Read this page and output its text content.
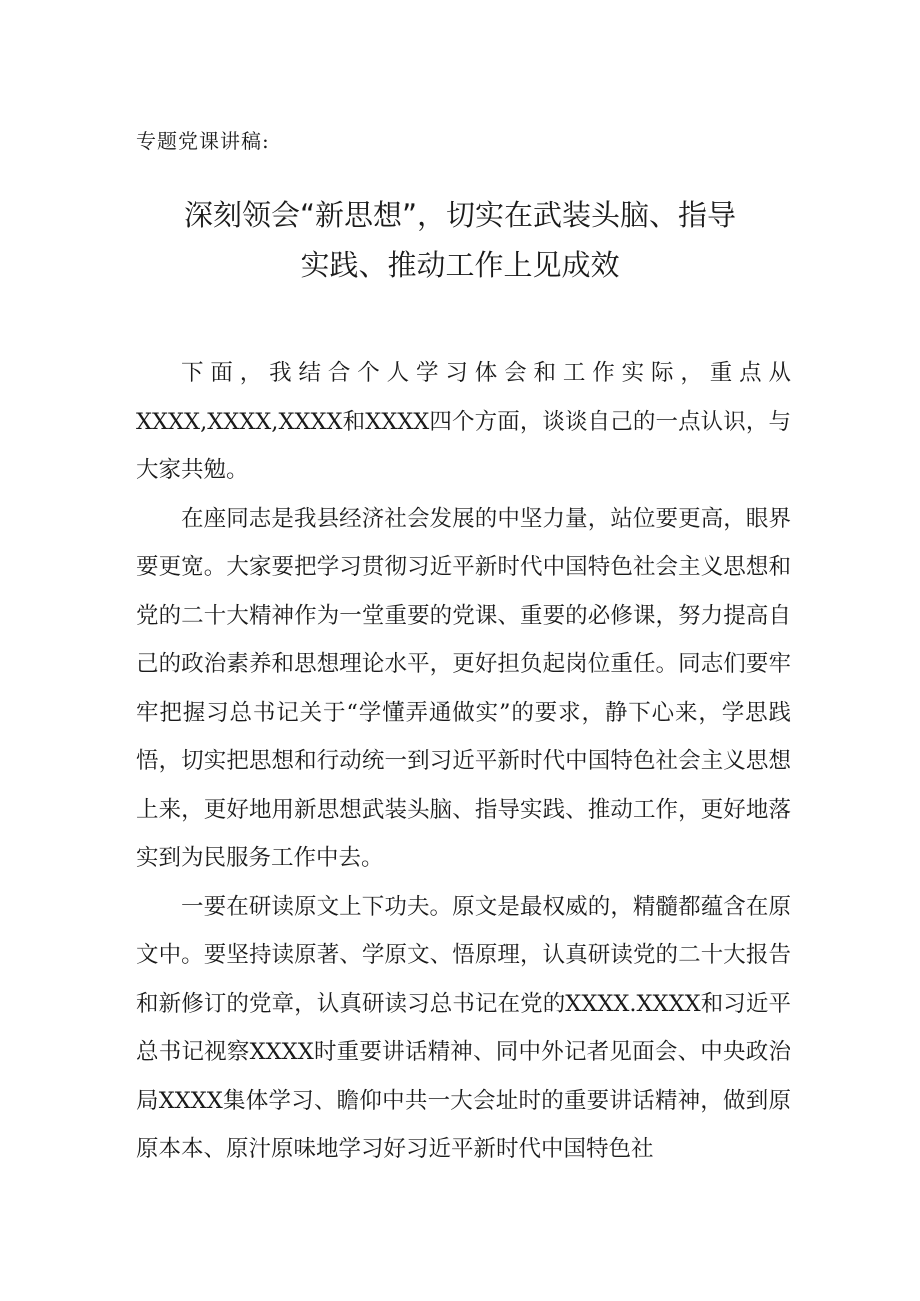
专题党课讲稿:
深刻领会“新思想”，切实在武装头脑、指导
实践、推动工作上见成效

下面，我结合个人学习体会和工作实际，重点从XXXX,XXXX,XXXX和XXXX四个方面，谈谈自己的一点认识，与大家共勉。

在座同志是我县经济社会发展的中坚力量，站位要更高，眼界要更宽。大家要把学习贯彻习近平新时代中国特色社会主义思想和党的二十大精神作为一堂重要的党课、重要的必修课，努力提高自己的政治素养和思想理论水平，更好担负起岗位重任。同志们要牢牢把握习总书记关于“学懂弄通做实”的要求，静下心来，学思践悟，切实把思想和行动统一到习近平新时代中国特色社会主义思想上来，更好地用新思想武装头脑、指导实践、推动工作，更好地落实到为民服务工作中去。

一要在研读原文上下功夫。原文是最权威的，精髓都蕴含在原文中。要坚持读原著、学原文、悟原理，认真研读党的二十大报告和新修订的党章，认真研读习总书记在党的XXXX.XXXX和习近平总书记视察XXXX时重要讲话精神、同中外记者见面会、中央政治局XXXX集体学习、瞻仰中共一大会址时的重要讲话精神，做到原原本本、原汁原味地学习好习近平新时代中国特色社
